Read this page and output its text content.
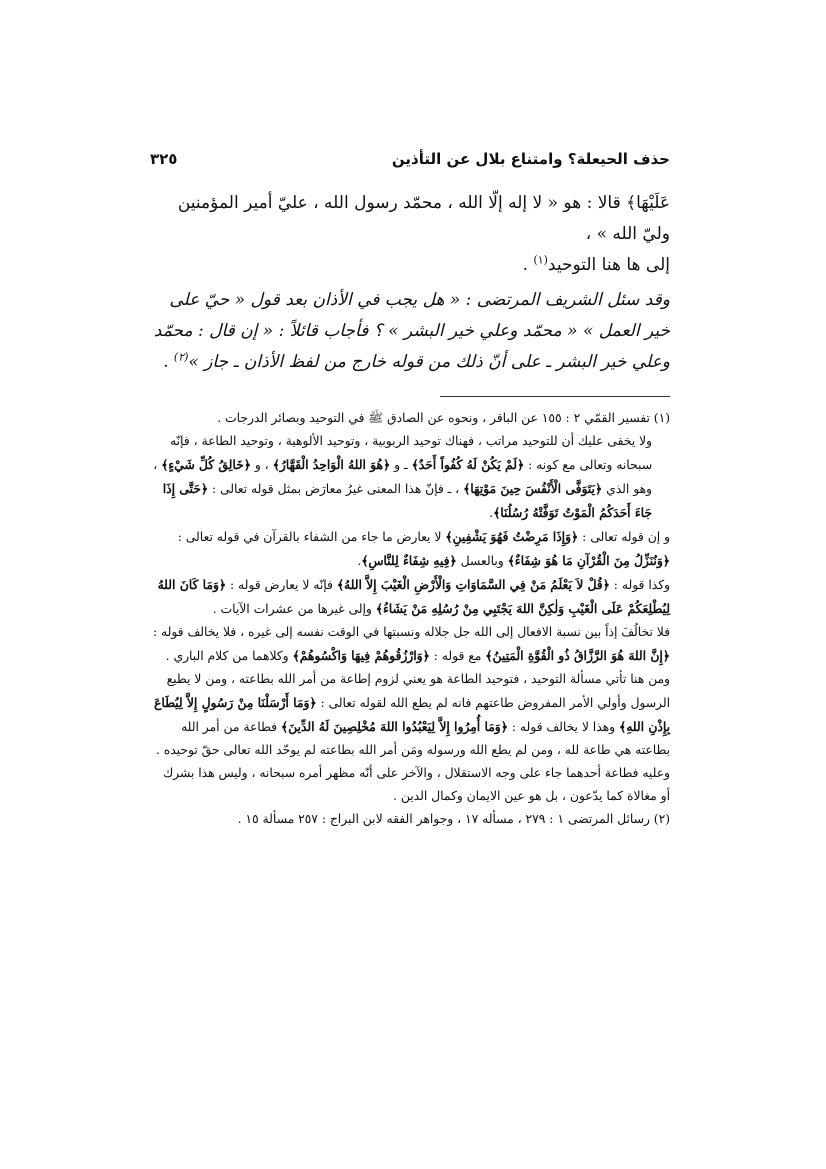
حذف الحيعلة؟ وامتناع بلال عن التأذين
٣٢٥

عَلَيْهَا﴾ قالا : هو « لا إله إلّا الله ، محمّد رسول الله ، عليّ أمير المؤمنين وليّ الله » ،

إلى ها هنا التوحيد$^{(١)}$ .

وقد سئل الشريف المرتضى : « هل يجب في الأذان بعد قول « حيّ على خير العمل » « محمّد وعلي خير البشر » ؟ فأجاب قائلاً : « إن قال : محمّد وعلي خير البشر ـ على أنّ ذلك من قوله خارج من لفظ الأذان ـ جاز »$^{(٢)}$ .

(١) تفسير القمّي ٢ : ١٥٥ عن الباقر ، ونحوه عن الصادق ﷺ في التوحيد وبصائر الدرجات .

ولا يخفى عليك أن للتوحيد مراتب ، فهناك توحيد الربوبية ، وتوحيد الألوهية ، وتوحيد الطاعة ، فإنّه سبحانه وتعالى مع كونه : ﴿لَمْ يَكُنْ لَهُ كُفُواً أَحَدٌ﴾ ـ و ﴿هُوَ اللهُ الْوَاحِدُ الْقَهَّارُ﴾ ، و ﴿خَالِقُ كُلِّ شَيْءٍ﴾ ، وهو الذي ﴿يَتَوَفَّى الْأَنْفُسَ حِينَ مَوْتِهَا﴾ ، ـ فإنّ هذا المعنى غيرُ معارَض بمثل قوله تعالى : ﴿حَتَّى إِذَا جَاءَ أَحَدَكُمُ الْمَوْتُ تَوَفَّتْهُ رُسُلُنَا﴾.

و إن قوله تعالى : ﴿وَإِذَا مَرِضْتُ فَهُوَ يَشْفِينِ﴾ لا يعارض ما جاء من الشفاء بالقرآن في قوله تعالى : ﴿وَنُنَزِّلُ مِنَ الْقُرْآنِ مَا هُوَ شِفَاءٌ﴾ وبالعسل ﴿فِيهِ شِفَاءٌ لِلنَّاسِ﴾.

وكذا قوله : ﴿قُلْ لاَ يَعْلَمُ مَنْ فِي السَّمَاوَاتِ وَالْأَرْضِ الْغَيْبَ إِلاَّ اللهُ﴾ فإنّه لا يعارض قوله : ﴿وَمَا كَانَ اللهُ لِيُطْلِعَكُمْ عَلَى الْغَيْبِ وَلٰكِنَّ اللهَ يَجْتَبِي مِنْ رُسُلِهِ مَنْ يَشَاءُ﴾ وإلى غيرها من عشرات الآيات .

فلا تخالُفَ إذاً بين نسبة الافعال إلى الله جل جلاله ونسبتها في الوقت نفسه إلى غيره ، فلا يخالف قوله : ﴿إِنَّ اللهَ هُوَ الرَّزَّاقُ ذُو الْقُوَّةِ الْمَتِينُ﴾ مع قوله : ﴿وَارْزُقُوهُمْ فِيهَا وَاكْسُوهُمْ﴾ وكلاهما من كلام الباري . ومن هنا تأتي مسألة التوحيد ، فتوحيد الطاعة هو يعني لزوم إطاعة من أمر الله بطاعته ، ومن لا يطيع الرسول وأولي الأمر المفروض طاعتهم فانه لم يطع الله لقوله تعالى : ﴿وَمَا أَرْسَلْنَا مِنْ رَسُولٍ إِلاَّ لِيُطَاعَ بِإِذْنِ اللهِ﴾ وهذا لا يخالف قوله : ﴿وَمَا أُمِرُوا إِلاَّ لِيَعْبُدُوا اللهَ مُخْلِصِينَ لَهُ الدِّينَ﴾ فطاعة من أمر الله بطاعته هي طاعة لله ، ومن لم يطع الله ورسوله ومَن أمر الله بطاعته لم يوحّد الله تعالى حقّ توحيده .

وعليه فطاعة أحدهما جاء على وجه الاستقلال ، والآخر على أنّه مظهر أمره سبحانه ، وليس هذا بشرك أو مغالاة كما يدّعون ، بل هو عين الايمان وكمال الدين .

(٢) رسائل المرتضى ١ : ٢٧٩ ، مسأله ١٧ ، وجواهر الفقه لابن البراج : ٢٥٧ مسألة ١٥ .
